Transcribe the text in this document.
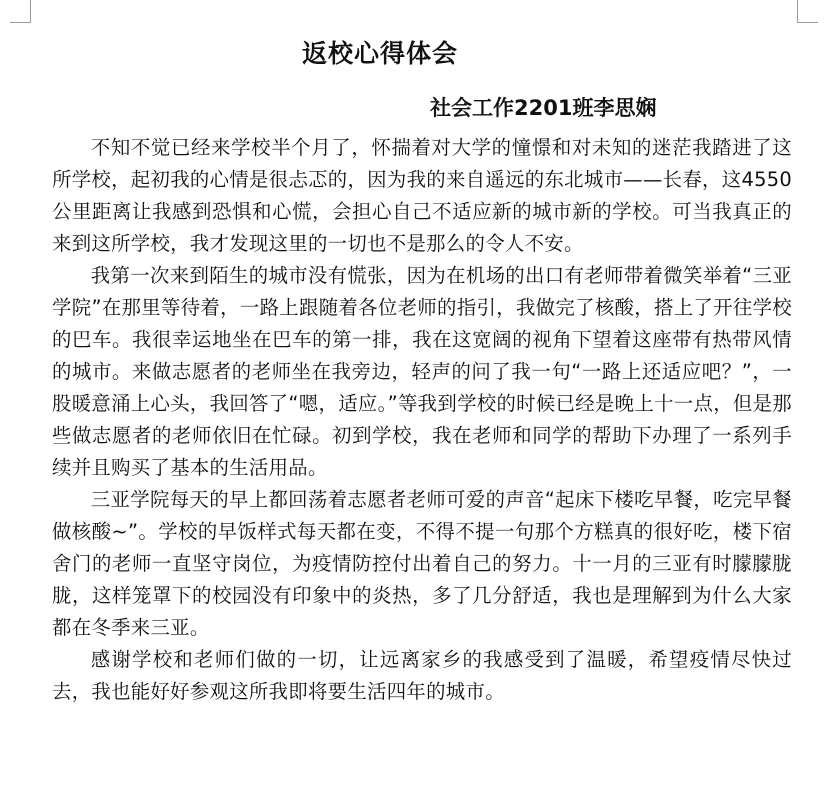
返校心得体会
社会工作2201班李思娴

不知不觉已经来学校半个月了，怀揣着对大学的憧憬和对未知的迷茫我踏进了这所学校，起初我的心情是很忐忑的，因为我的来自遥远的东北城市——长春，这4550公里距离让我感到恐惧和心慌，会担心自己不适应新的城市新的学校。可当我真正的来到这所学校，我才发现这里的一切也不是那么的令人不安。

我第一次来到陌生的城市没有慌张，因为在机场的出口有老师带着微笑举着“三亚学院”在那里等待着，一路上跟随着各位老师的指引，我做完了核酸，搭上了开往学校的巴车。我很幸运地坐在巴车的第一排，我在这宽阔的视角下望着这座带有热带风情的城市。来做志愿者的老师坐在我旁边，轻声的问了我一句“一路上还适应吧？”，一股暖意涌上心头，我回答了“嗯，适应。”等我到学校的时候已经是晚上十一点，但是那些做志愿者的老师依旧在忙碌。初到学校，我在老师和同学的帮助下办理了一系列手续并且购买了基本的生活用品。

三亚学院每天的早上都回荡着志愿者老师可爱的声音“起床下楼吃早餐，吃完早餐做核酸~”。学校的早饭样式每天都在变，不得不提一句那个方糕真的很好吃，楼下宿舍门的老师一直坚守岗位，为疫情防控付出着自己的努力。十一月的三亚有时朦朦胧胧，这样笼罩下的校园没有印象中的炎热，多了几分舒适，我也是理解到为什么大家都在冬季来三亚。

感谢学校和老师们做的一切，让远离家乡的我感受到了温暖，希望疫情尽快过去，我也能好好参观这所我即将要生活四年的城市。
